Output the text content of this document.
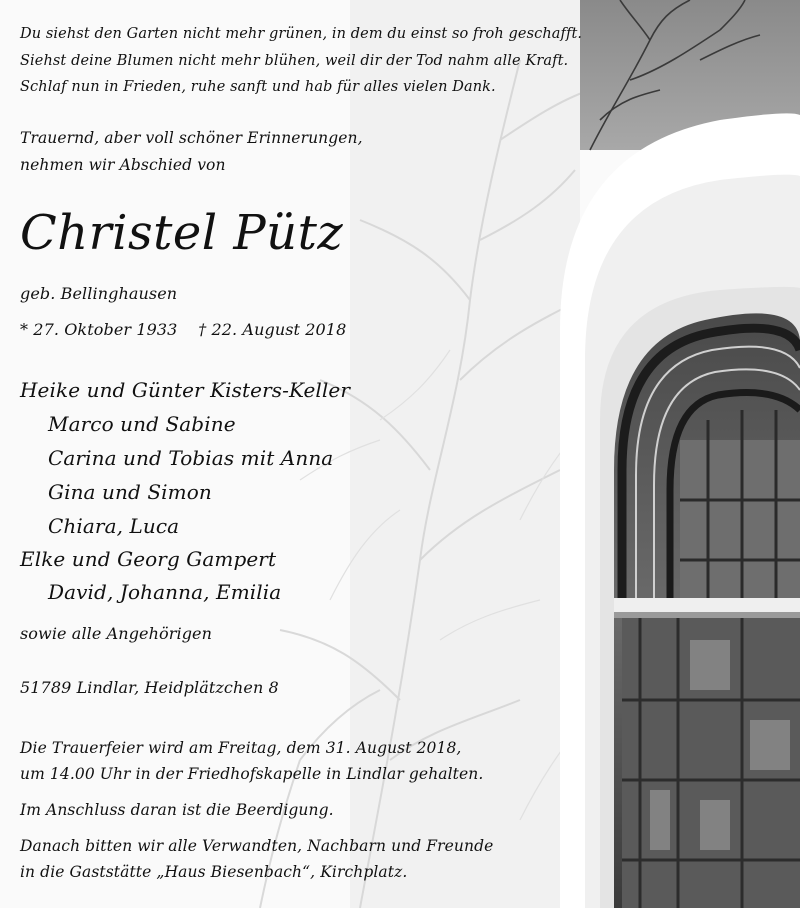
Du siehst den Garten nicht mehr grünen, in dem du einst so froh geschafft.
Siehst deine Blumen nicht mehr blühen, weil dir der Tod nahm alle Kraft.
Schlaf nun in Frieden, ruhe sanft und hab für alles vielen Dank.
Trauernd, aber voll schöner Erinnerungen,
nehmen wir Abschied von
Christel Pütz
geb. Bellinghausen
* 27. Oktober 1933    † 22. August 2018
Heike und Günter Kisters-Keller
Marco und Sabine
Carina und Tobias mit Anna
Gina und Simon
Chiara, Luca
Elke und Georg Gampert
David, Johanna, Emilia
sowie alle Angehörigen
51789 Lindlar, Heidplätzchen 8
Die Trauerfeier wird am Freitag, dem 31. August 2018,
um 14.00 Uhr in der Friedhofskapelle in Lindlar gehalten.
Im Anschluss daran ist die Beerdigung.
Danach bitten wir alle Verwandten, Nachbarn und Freunde
in die Gaststätte „Haus Biesenbach“, Kirchplatz.
